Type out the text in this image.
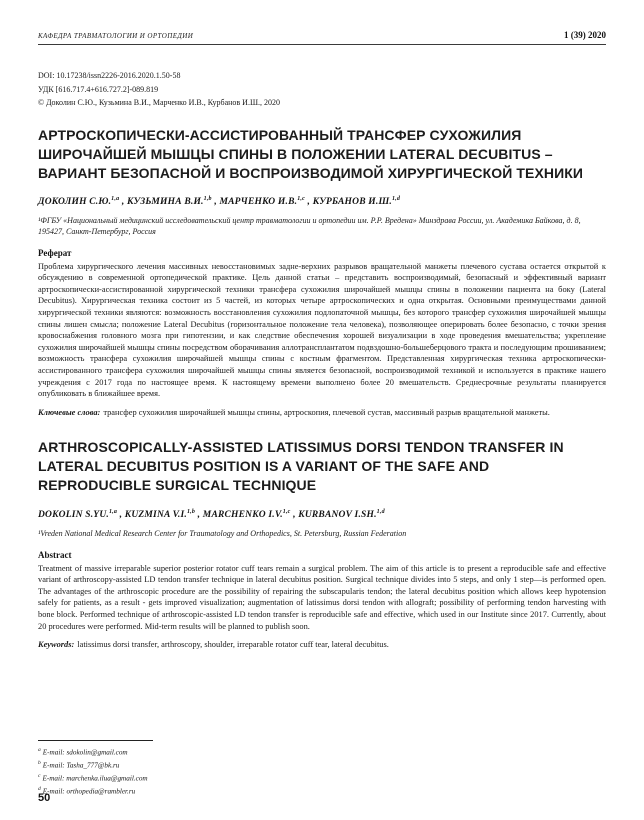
КАФЕДРА ТРАВМАТОЛОГИИ И ОРТОПЕДИИ	1 (39) 2020

DOI: 10.17238/issn2226-2016.2020.1.50-58

УДК [616.717.4+616.727.2]-089.819

© Доколин С.Ю., Кузьмина В.И., Марченко И.В., Курбанов И.Ш., 2020

АРТРОСКОПИЧЕСКИ-АССИСТИРОВАННЫЙ ТРАНСФЕР СУХОЖИЛИЯ ШИРОЧАЙШЕЙ МЫШЦЫ СПИНЫ В ПОЛОЖЕНИИ LATERAL DECUBITUS – ВАРИАНТ БЕЗОПАСНОЙ И ВОСПРОИЗВОДИМОЙ ХИРУРГИЧЕСКОЙ ТЕХНИКИ

ДОКОЛИН С.Ю.$^{1,a}$ , КУЗЬМИНА В.И.$^{1,b}$ , МАРЧЕНКО И.В.$^{1,c}$ , КУРБАНОВ И.Ш.$^{1,d}$

¹ФГБУ «Национальный медицинский исследовательский центр травматологии и ортопедии им. Р.Р. Вредена» Минздрава России, ул. Академика Байкова, д. 8, 195427, Санкт-Петербург, Россия

Реферат

Проблема хирургического лечения массивных невосстановимых задне-верхних разрывов вращательной манжеты плечевого сустава остается открытой к обсуждению в современной ортопедической практике. Цель данной статьи – представить воспроизводимый, безопасный и эффективный вариант артроскопически-ассистированной хирургической техники трансфера сухожилия широчайшей мышцы спины в положении пациента на боку (Lateral Decubitus). Хирургическая техника состоит из 5 частей, из которых четыре артроскопических и одна открытая. Основными преимуществами данной хирургической техники являются: возможность восстановления сухожилия подлопаточной мышцы, без которого трансфер сухожилия широчайшей мышцы спины лишен смысла; положение Lateral Decubitus (горизонтальное положение тела человека), позволяющее оперировать более безопасно, с точки зрения кровоснабжения головного мозга при гипотензии, и как следствие обеспечения хорошей визуализации в ходе проведения вмешательства; укрепление сухожилия широчайшей мышцы спины посредством оборачивания аллотрансплантатом подвздошно-большеберцового тракта и последующим прошиванием; возможность трансфера сухожилия широчайшей мышцы спины с костным фрагментом. Представленная хирургическая техника артроскопически-ассистированного трансфера сухожилия широчайшей мышцы спины является безопасной, воспроизводимой техникой и используется в практике нашего учреждения с 2017 года по настоящее время. К настоящему времени выполнено более 20 вмешательств. Среднесрочные результаты планируется опубликовать в ближайшее время.

Ключевые слова: трансфер сухожилия широчайшей мышцы спины, артроскопия, плечевой сустав, массивный разрыв вращательной манжеты.

ARTHROSCOPICALLY-ASSISTED LATISSIMUS DORSI TENDON TRANSFER IN LATERAL DECUBITUS POSITION IS A VARIANT OF THE SAFE AND REPRODUCIBLE SURGICAL TECHNIQUE

DOKOLIN S.YU.$^{1,a}$ , KUZMINA V.I.$^{1,b}$ , MARCHENKO I.V.$^{1,c}$ , KURBANOV I.SH.$^{1,d}$

¹Vreden National Medical Research Center for Traumatology and Orthopedics, St. Petersburg, Russian Federation

Abstract

Treatment of massive irreparable superior posterior rotator cuff tears remain a surgical problem. The aim of this article is to present a reproducible safe and effective variant of arthroscopy-assisted LD tendon transfer technique in lateral decubitus position. Surgical technique divides into 5 steps, and only 1 step—is performed open. The advantages of the arthroscopic procedure are the possibility of repairing the subscapularis tendon; the lateral decubitus position which allows keep hypotension safely for patients, as a result - gets improved visualization; augmentation of latissimus dorsi tendon with allograft; possibility of performing tendon harvesting with bone block. Performed technique of arthroscopic-assisted LD tendon transfer is reproducible safe and effective, which used in our Institute since 2017. Currently, about 20 procedures were performed. Mid-term results will be planned to publish soon.

Keywords: latissimus dorsi transfer, arthroscopy, shoulder, irreparable rotator cuff tear, lateral decubitus.

$^a$ E-mail: sdokolin@gmail.com

$^b$ E-mail: Tasha_777@bk.ru

$^c$ E-mail: marchenka.ilua@gmail.com

$^d$ E-mail: orthopedia@rambler.ru

50
